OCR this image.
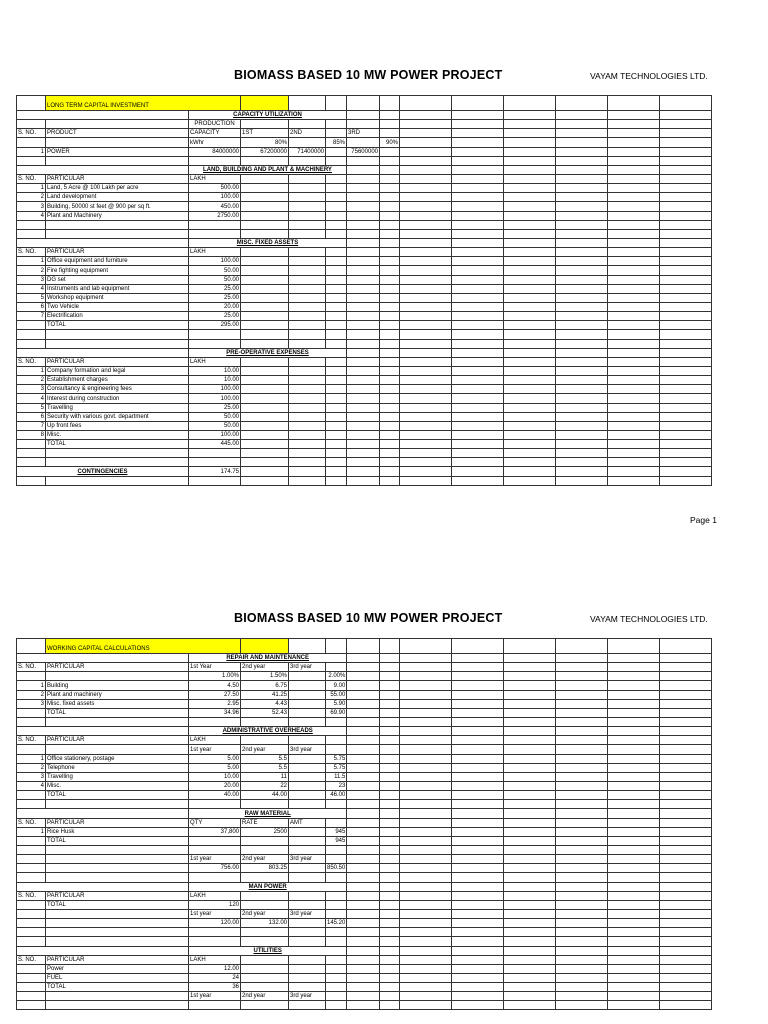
BIOMASS BASED 10 MW POWER PROJECT	VAYAM TECHNOLOGIES LTD.
	LONG TERM CAPITAL INVESTMENT												
		CAPACITY UTILIZATION											
		PRODUCTION											
S. NO.	PRODUCT	CAPACITY	1ST	2ND		3RD							
		kWhr	80%		85%		90%						
1	POWER	84000000	67200000	71400000		75600000							

		LAND, BUILDING AND PLANT & MACHINERY											
S. NO.	PARTICULAR	LAKH											
1	Land, 5 Acre @ 100 Lakh per acre	500.00											
2	Land development	100.00											
3	Building, 50000 st feet @ 900 per sq ft.	450.00											
4	Plant and Machinery	2750.00											

		MISC. FIXED ASSETS											
S. NO.	PARTICULAR	LAKH											
1	Office equipment and furniture	100.00											
2	Fire fighting equipment	50.00											
3	DG set	50.00											
4	Instruments and lab equipment	25.00											
5	Workshop equipment	25.00											
6	Two Vehicle	20.00											
7	Electrification	25.00											
	TOTAL	295.00											

		PRE-OPERATIVE EXPENSES											
S. NO.	PARTICULAR	LAKH											
1	Company formation and legal	10.00											
2	Establishment charges	10.00											
3	Consultancy & engineering fees	100.00											
4	Interest during construction	100.00											
5	Travelling	25.00											
6	Security with various govt. department	50.00											
7	Up front fees	50.00											
8	Misc.	100.00											
	TOTAL	445.00											

CONTINGENCIES		174.75											

Page 1
BIOMASS BASED 10 MW POWER PROJECT	VAYAM TECHNOLOGIES LTD.
	WORKING CAPITAL CALCULATIONS												
		REPAIR AND MAINTENANCE											
S. NO.	PARTICULAR	1st Year	2nd year	3rd year									
		1.00%	1.50%		2.00%								
1	Building	4.50	6.75		9.00								
2	Plant and machinery	27.50	41.25		55.00								
3	Misc. fixed assets	2.95	4.43		5.90								
	TOTAL	34.96	52.43		69.90								

		ADMINISTRATIVE OVERHEADS											
S. NO.	PARTICULAR	LAKH											
		1st year	2nd year	3rd year									
1	Office stationery, postage	5.00	5.5		5.75								
2	Telephone	5.00	5.5		5.75								
3	Travelling	10.00	11		11.5								
4	Misc.	20.00	22		23								
	TOTAL	40.00	44.00		46.00								

		RAW MATERIAL											
S. NO.	PARTICULAR	QTY	RATE	AMT									
1	Rice Husk	37,800	2500		945								
	TOTAL				945								

		1st year	2nd year	3rd year									
		756.00	803.25		850.50								

		MAN POWER											
S. NO.	PARTICULAR	LAKH											
	TOTAL	120											
		1st year	2nd year	3rd year									
		120.00	132.00		145.20								

		UTILITIES											
S. NO.	PARTICULAR	LAKH											
	Power	12.00											
	FUEL	24											
	TOTAL	36											
		1st year	2nd year	3rd year									
